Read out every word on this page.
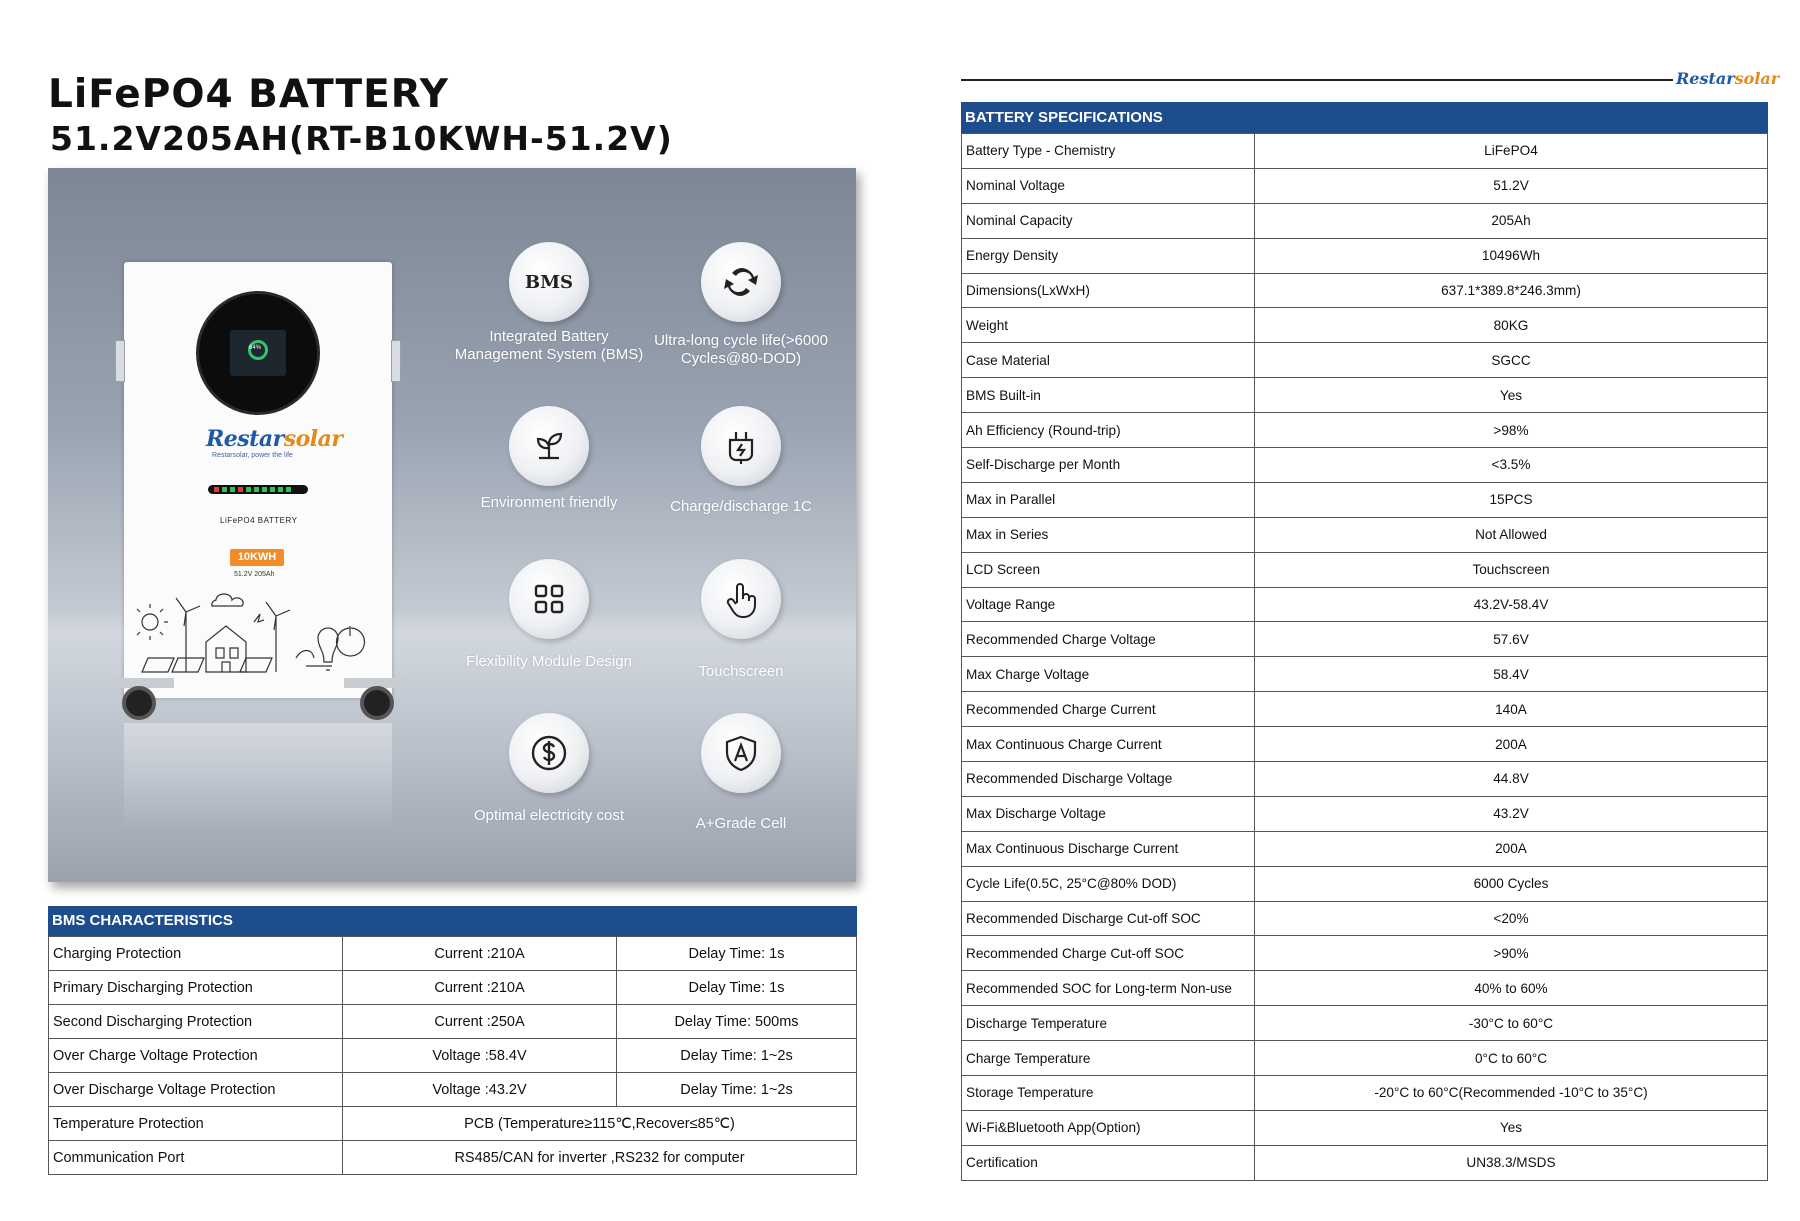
LiFePO4 BATTERY
51.2V205AH(RT-B10KWH-51.2V)
64%
Restarsolar
Restarsolar, power the life
LiFePO4 BATTERY
10KWH
51.2V 205Ah
BMS
Integrated Battery Management System (BMS)
Ultra-long cycle life(>6000 Cycles@80-DOD)
Environment friendly	Charge/discharge 1C
Flexibility Module Design
Touchscreen
Optimal electricity cost	A+Grade Cell
BMS CHARACTERISTICS
Charging Protection	Current :210A	Delay Time: 1s
Primary Discharging Protection	Current :210A	Delay Time: 1s
Second Discharging Protection	Current :250A	Delay Time: 500ms
Over Charge Voltage Protection	Voltage :58.4V	Delay Time: 1~2s
Over Discharge Voltage Protection	Voltage :43.2V	Delay Time: 1~2s
Temperature Protection	PCB (Temperature≥115℃,Recover≤85℃)	
Communication Port	RS485/CAN for inverter ,RS232 for computer	
Restarsolar
BATTERY SPECIFICATIONS
Battery Type - Chemistry	LiFePO4
Nominal Voltage	51.2V
Nominal Capacity	205Ah
Energy Density	10496Wh
Dimensions(LxWxH)	637.1*389.8*246.3mm)
Weight	80KG
Case Material	SGCC
BMS Built-in	Yes
Ah Efficiency (Round-trip)	>98%
Self-Discharge per Month	<3.5%
Max in Parallel	15PCS
Max in Series	Not Allowed
LCD Screen	Touchscreen
Voltage Range	43.2V-58.4V
Recommended Charge Voltage	57.6V
Max Charge Voltage	58.4V
Recommended Charge Current	140A
Max Continuous Charge Current	200A
Recommended Discharge Voltage	44.8V
Max Discharge Voltage	43.2V
Max Continuous Discharge Current	200A
Cycle Life(0.5C, 25°C@80% DOD)	6000 Cycles
Recommended Discharge Cut-off SOC	<20%
Recommended Charge Cut-off SOC	>90%
Recommended SOC for Long-term Non-use	40% to 60%
Discharge Temperature	-30°C to 60°C
Charge Temperature	0°C to 60°C
Storage Temperature	-20°C to 60°C(Recommended -10°C to 35°C)
Wi-Fi&Bluetooth App(Option)	Yes
Certification	UN38.3/MSDS
